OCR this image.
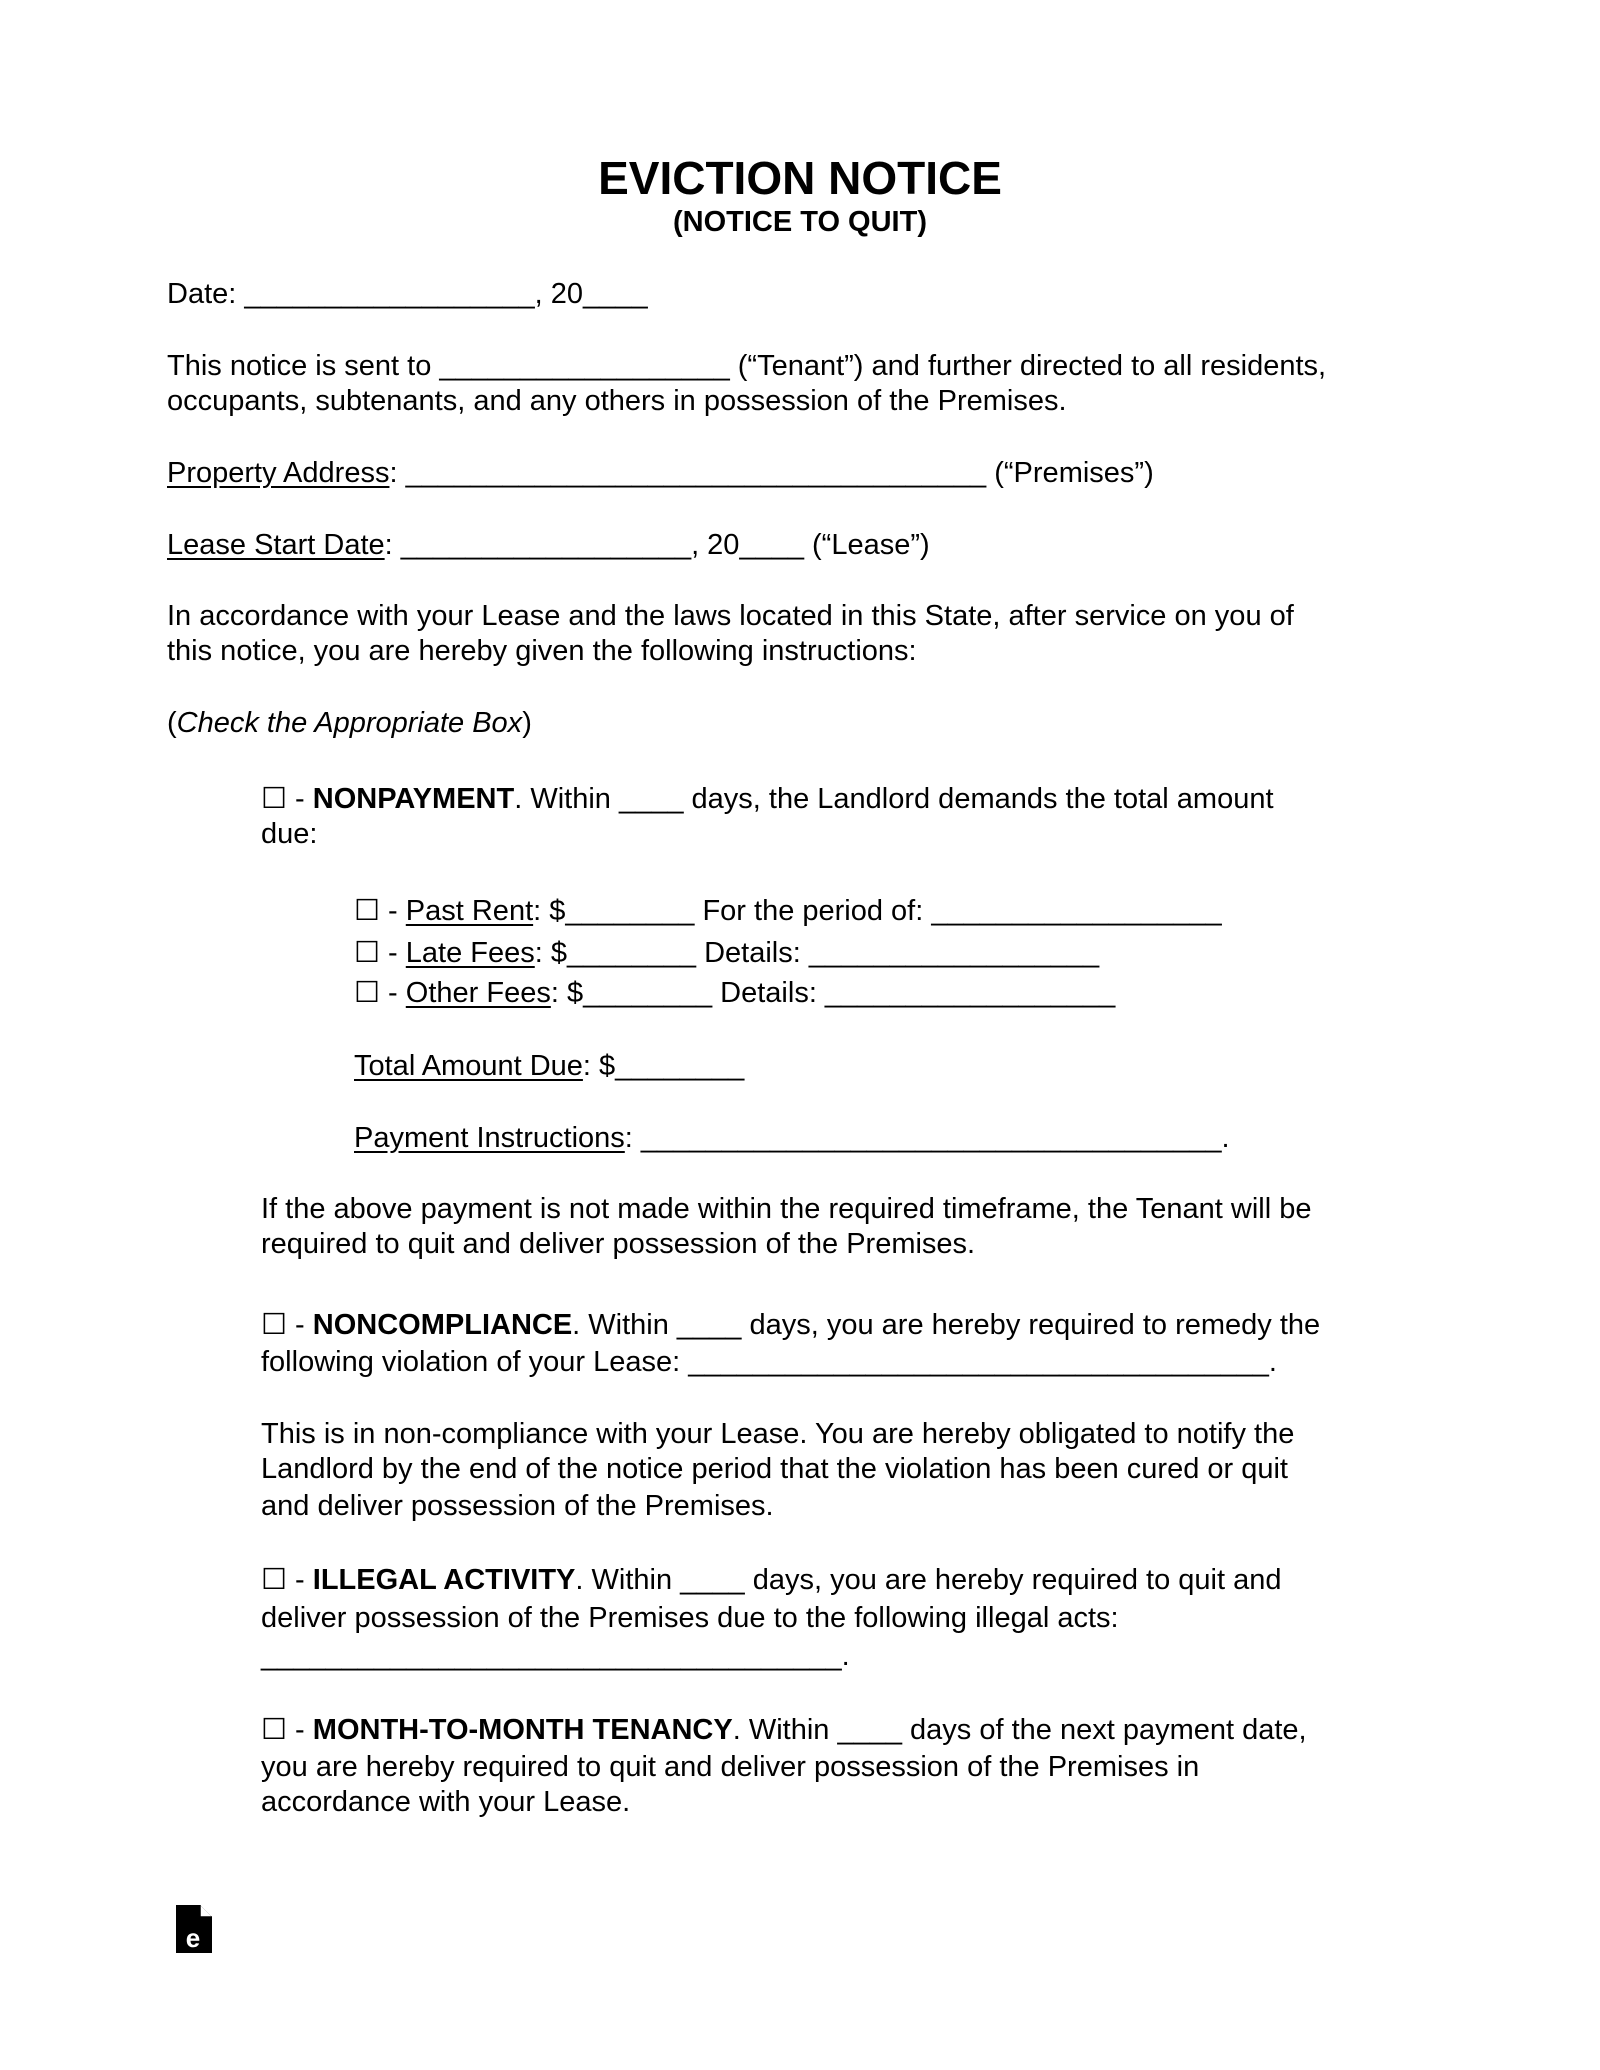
EVICTION NOTICE
(NOTICE TO QUIT)
Date: __________________, 20____
This notice is sent to __________________ (“Tenant”) and further directed to all residents,
occupants, subtenants, and any others in possession of the Premises.
Property Address: ____________________________________ (“Premises”)
Lease Start Date: __________________, 20____ (“Lease”)
In accordance with your Lease and the laws located in this State, after service on you of
this notice, you are hereby given the following instructions:
(Check the Appropriate Box)
☐ - NONPAYMENT. Within ____ days, the Landlord demands the total amount
due:
☐ - Past Rent: $________ For the period of: __________________
☐ - Late Fees: $________ Details: __________________
☐ - Other Fees: $________ Details: __________________
Total Amount Due: $________
Payment Instructions: ____________________________________.
If the above payment is not made within the required timeframe, the Tenant will be
required to quit and deliver possession of the Premises.
☐ - NONCOMPLIANCE. Within ____ days, you are hereby required to remedy the
following violation of your Lease: ____________________________________.
This is in non-compliance with your Lease. You are hereby obligated to notify the
Landlord by the end of the notice period that the violation has been cured or quit
and deliver possession of the Premises.
☐ - ILLEGAL ACTIVITY. Within ____ days, you are hereby required to quit and
deliver possession of the Premises due to the following illegal acts:
____________________________________.
☐ - MONTH-TO-MONTH TENANCY. Within ____ days of the next payment date,
you are hereby required to quit and deliver possession of the Premises in
accordance with your Lease.
e
